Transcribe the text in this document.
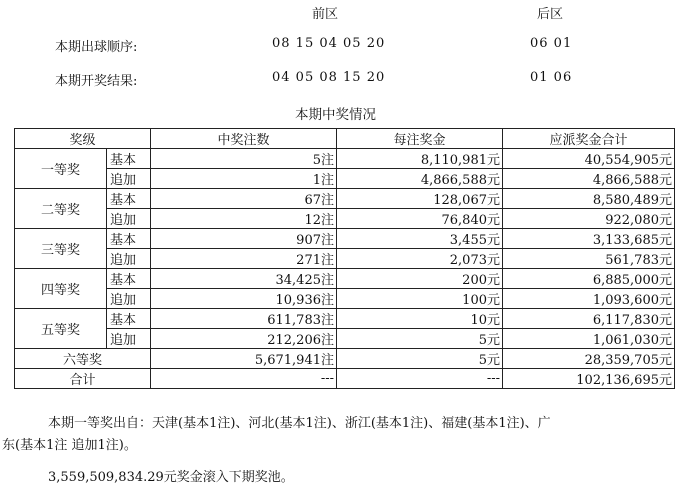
前区	后区
本期出球顺序:	08 15 04 05 20	06 01
本期开奖结果:	04 05 08 15 20	01 06
本期中奖情况
奖级		中奖注数	每注奖金	应派奖金合计
一等奖	基本	5注	8,110,981元	40,554,905元
	追加	1注	4,866,588元	4,866,588元
二等奖	基本	67注	128,067元	8,580,489元
	追加	12注	76,840元	922,080元
三等奖	基本	907注	3,455元	3,133,685元
	追加	271注	2,073元	561,783元
四等奖	基本	34,425注	200元	6,885,000元
	追加	10,936注	100元	1,093,600元
五等奖	基本	611,783注	10元	6,117,830元
	追加	212,206注	5元	1,061,030元
六等奖		5,671,941注	5元	28,359,705元
合计		---	---	102,136,695元
本期一等奖出自：天津(基本1注)、河北(基本1注)、浙江(基本1注)、福建(基本1注)、广
东(基本1注 追加1注)。
3,559,509,834.29元奖金滚入下期奖池。
